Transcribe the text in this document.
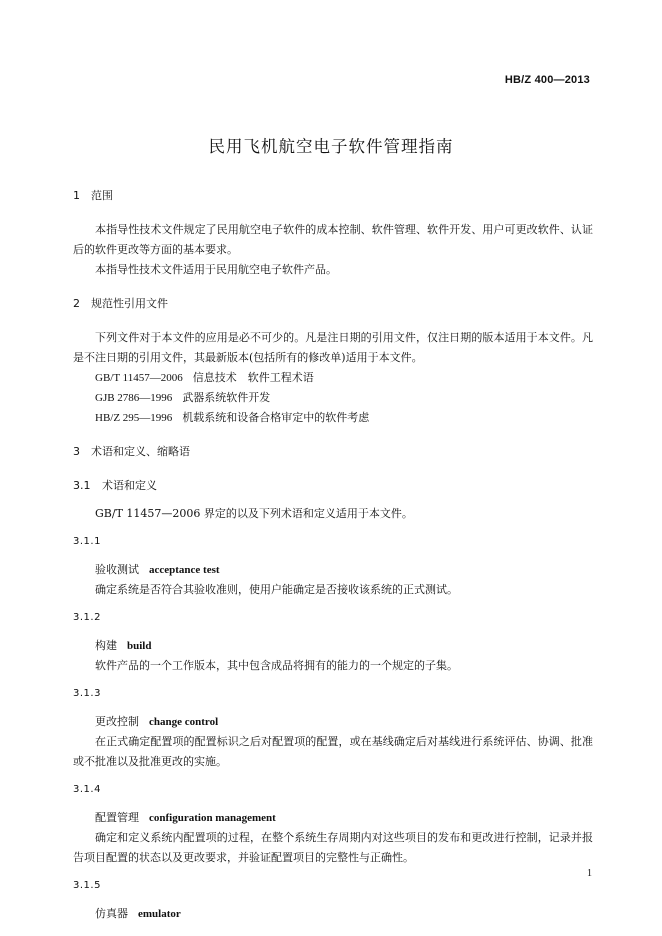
HB/Z 400—2013
民用飞机航空电子软件管理指南
1 范围

本指导性技术文件规定了民用航空电子软件的成本控制、软件管理、软件开发、用户可更改软件、认证后的软件更改等方面的基本要求。

本指导性技术文件适用于民用航空电子软件产品。

2 规范性引用文件

下列文件对于本文件的应用是必不可少的。凡是注日期的引用文件，仅注日期的版本适用于本文件。凡是不注日期的引用文件，其最新版本(包括所有的修改单)适用于本文件。

GB/T 11457—2006 信息技术　软件工程术语
GJB 2786—1996 武器系统软件开发
HB/Z 295—1996 机载系统和设备合格审定中的软件考虑
3 术语和定义、缩略语
3.1 术语和定义

GB/T 11457—2006 界定的以及下列术语和定义适用于本文件。

3.1.1
验收测试 acceptance test

确定系统是否符合其验收准则，使用户能确定是否接收该系统的正式测试。

3.1.2
构建 build

软件产品的一个工作版本，其中包含成品将拥有的能力的一个规定的子集。

3.1.3
更改控制 change control

在正式确定配置项的配置标识之后对配置项的配置，或在基线确定后对基线进行系统评估、协调、批准或不批准以及批准更改的实施。

3.1.4
配置管理 configuration management

确定和定义系统内配置项的过程，在整个系统生存周期内对这些项目的发布和更改进行控制，记录并报告项目配置的状态以及更改要求，并验证配置项目的完整性与正确性。

3.1.5
仿真器 emulator
1
